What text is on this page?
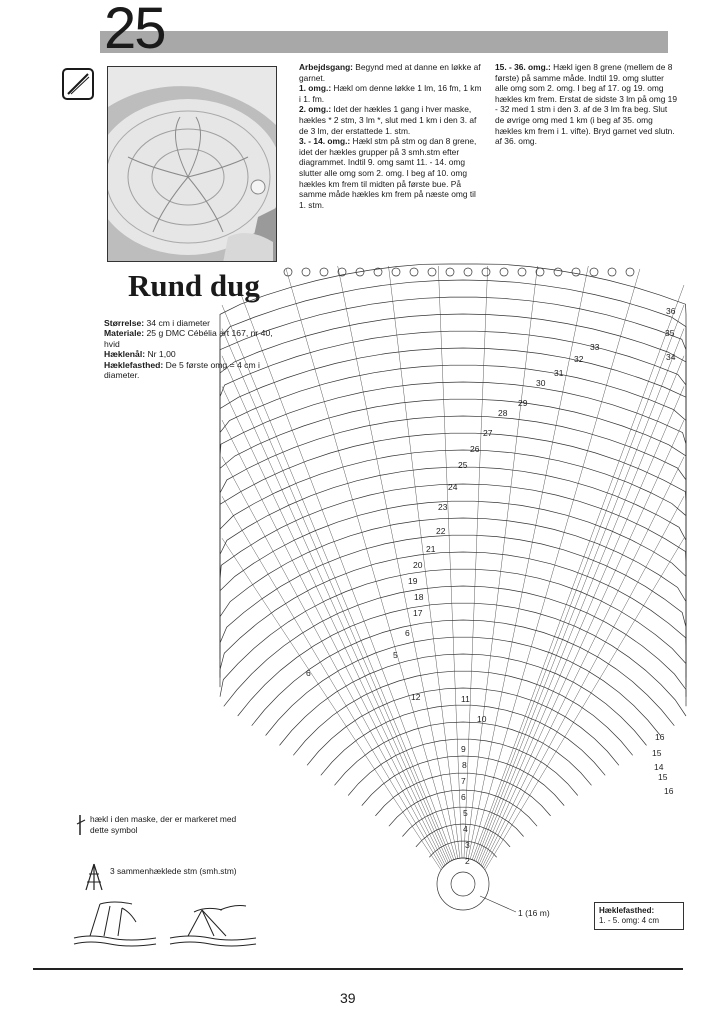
25
Rund dug
Størrelse: 34 cm i diameter
Materiale: 25 g DMC Cébélia art 167, nr 40, hvid
Hæklenål: Nr 1,00
Hæklefasthed: De 5 første omg = 4 cm i diameter.
Arbejdsgang: Begynd med at danne en løkke af garnet.
1. omg.: Hækl om denne løkke 1 lm, 16 fm, 1 km i 1. fm.
2. omg.: Idet der hækles 1 gang i hver maske, hækles * 2 stm, 3 lm *, slut med 1 km i den 3. af de 3 lm, der erstattede 1. stm.
3. - 14. omg.: Hækl stm på stm og dan 8 grene, idet der hækles grupper på 3 smh.stm efter diagrammet. Indtil 9. omg samt 11. - 14. omg slutter alle omg som 2. omg. I beg af 10. omg hækles km frem til midten på første bue. På samme måde hækles km frem på næste omg til 1. stm.
15. - 36. omg.: Hækl igen 8 grene (mellem de 8 første) på samme måde. Indtil 19. omg slutter alle omg som 2. omg. I beg af 17. og 19. omg hækles km frem. Erstat de sidste 3 lm på omg 19 - 32 med 1 stm i den 3. af de 3 lm fra beg. Slut de øvrige omg med 1 km (i beg af 35. omg hækles km frem i 1. vifte). Bryd garnet ved slutn. af 36. omg.
2
3
4
5
6
7
8
9
10
11
12
5
6
6
15
16
17
18
19
20
21
22
23
24
25
26
27
28
29
30
31
32
33
34
35
36
14
15
16
1 (16 m)
hækl i den maske, der er markeret med dette symbol
3 sammenhæklede stm (smh.stm)
Hæklefasthed:
1. - 5. omg: 4 cm
39
